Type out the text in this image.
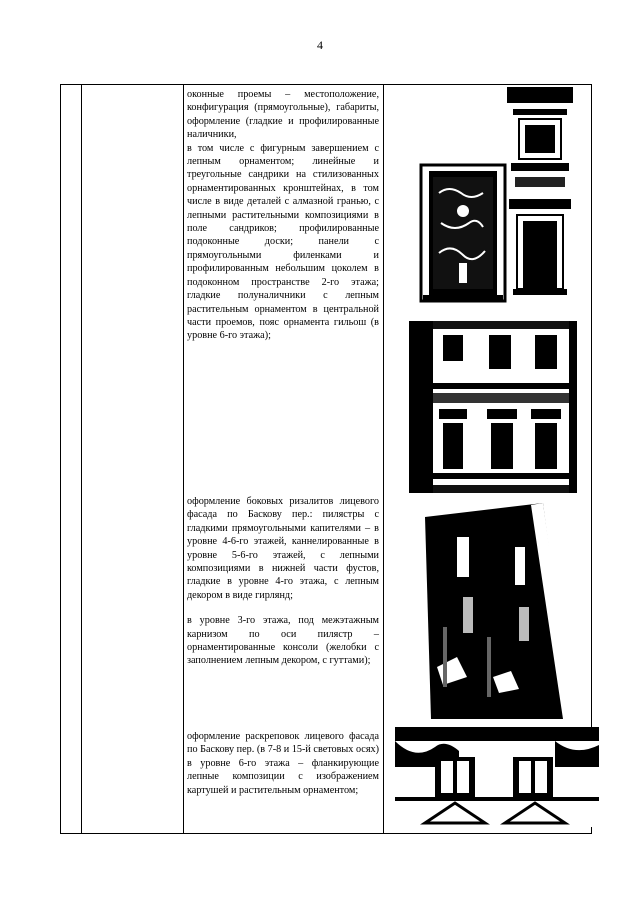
4

оконные проемы – местоположение, конфигурация (прямоугольные), габариты, оформление (гладкие и профилированные наличники,

в том числе с фигурным завершением с лепным орнаментом; линейные и треугольные сандрики на стилизованных орнаментированных кронштейнах, в том числе в виде деталей с алмазной гранью, с лепными растительными композициями в поле сандриков; профилированные подоконные доски; панели с прямоугольными филенками и профилированным небольшим цоколем в подоконном пространстве 2-го этажа; гладкие полуналичники с лепным растительным орнаментом в центральной части проемов, пояс орнамента гильош (в уровне 6-го этажа);

оформление боковых ризалитов лицевого фасада по Баскову пер.: пилястры с гладкими прямоугольными капителями – в уровне 4-6-го этажей, каннелированные в уровне 5-6-го этажей, с лепными композициями в нижней части фустов, гладкие в уровне 4-го этажа, с лепным декором в виде гирлянд;

в уровне 3-го этажа, под межэтажным карнизом по оси пилястр – орнаментированные консоли (желобки с заполнением лепным декором, с гуттами);

оформление раскреповок лицевого фасада по Баскову пер. (в 7-8 и 15-й световых осях) в уровне 6-го этажа – фланкирующие лепные композиции с изображением картушей и растительным орнаментом;
